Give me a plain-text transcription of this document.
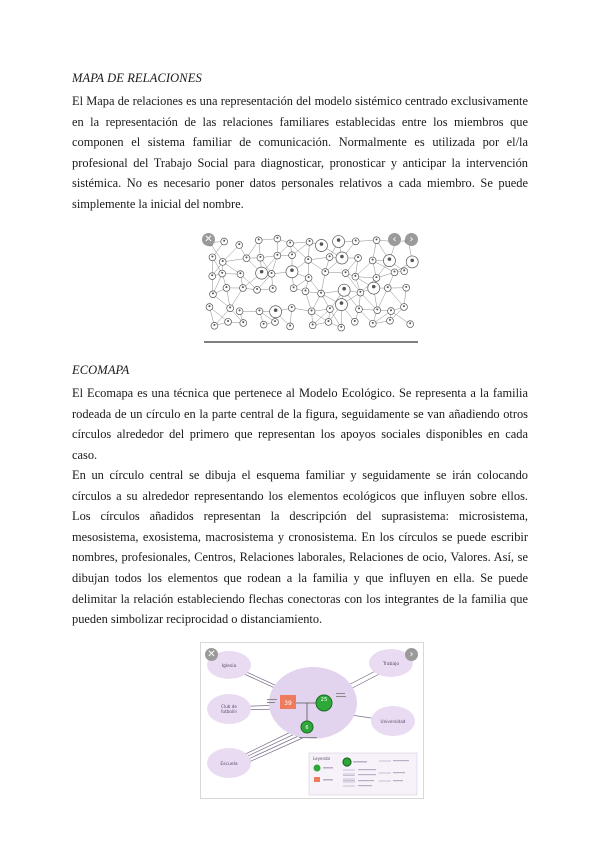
MAPA DE RELACIONES

El Mapa de relaciones es una representación del modelo sistémico centrado exclusivamente en la representación de las relaciones familiares establecidas entre los miembros que componen el sistema familiar de comunicación. Normalmente es utilizada por el/la profesional del Trabajo Social para diagnosticar, pronosticar y anticipar la intervención sistémica. No es necesario poner datos personales relativos a cada miembro. Se puede simplemente la inicial del nombre.

✕	‹	›
ECOMAPA

El Ecomapa es una técnica que pertenece al Modelo Ecológico. Se representa a la familia rodeada de un círculo en la parte central de la figura, seguidamente se van añadiendo otros círculos alrededor del primero que representan los apoyos sociales disponibles en cada caso.

En un círculo central se dibuja el esquema familiar y seguidamente se irán colocando círculos a su alrededor representando los elementos ecológicos que influyen sobre ellos. Los círculos añadidos representan la descripción del suprasistema: microsistema, mesosistema, exosistema, macrosistema y cronosistema. En los círculos se puede escribir nombres, profesionales, Centros, Relaciones laborales, Relaciones de ocio, Valores. Así, se dibujan todos los elementos que rodean a la familia y que influyen en ella. Se puede delimitar la relación estableciendo flechas conectoras con los integrantes de la familia que pueden simbolizar reciprocidad o distanciamiento.

39	25
6
Iglesia	Trabajo
Club de futbolín
Universidad
Escuela
Leyenda
✕	›
